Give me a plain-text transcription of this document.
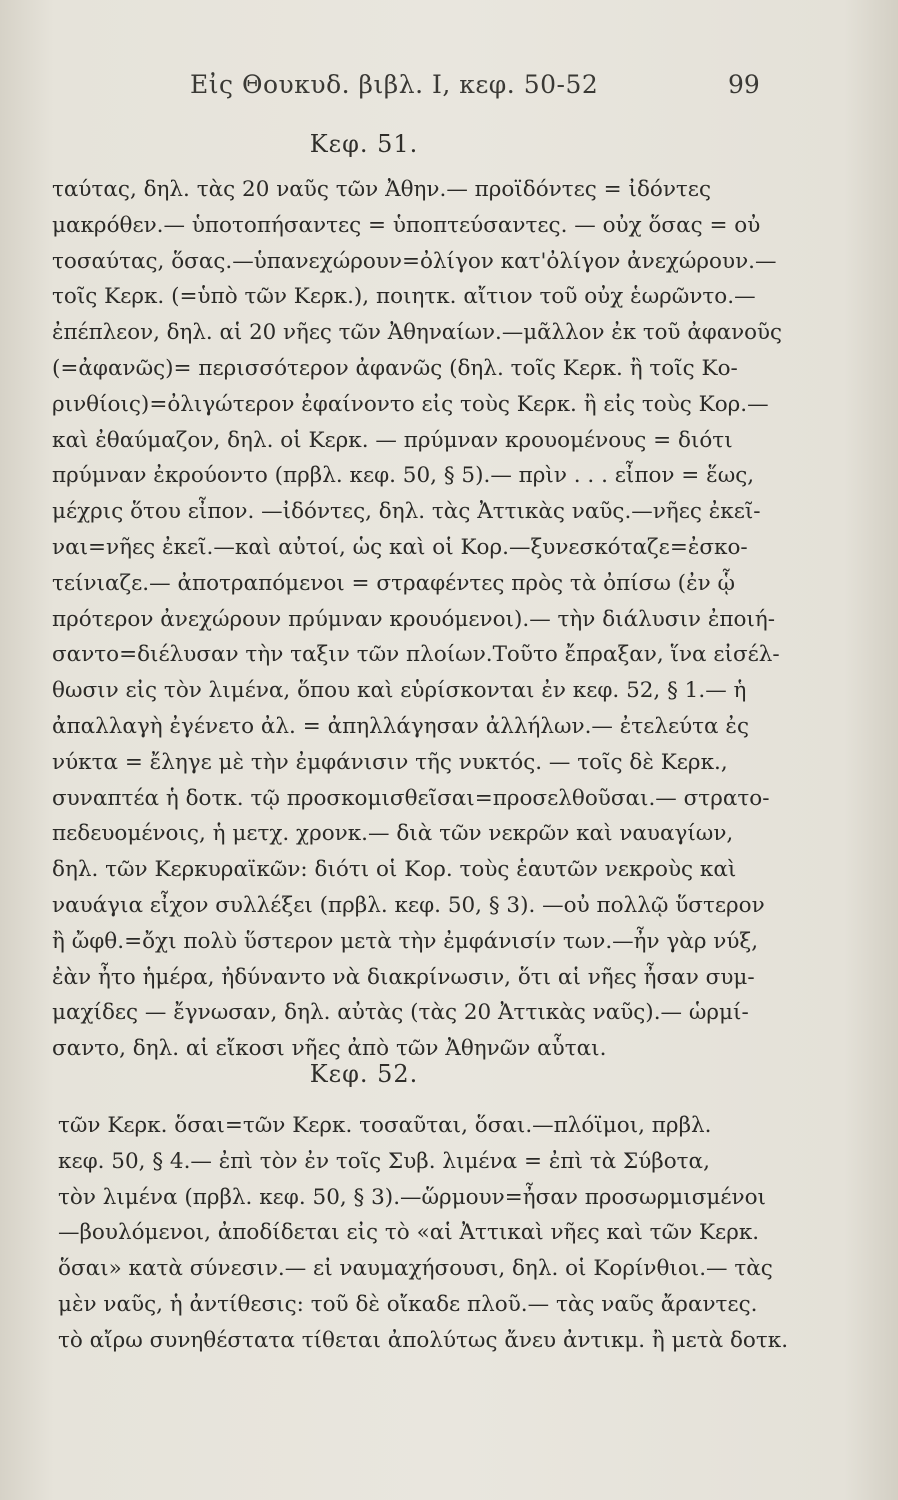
Εἰς Θουκυδ. βιβλ. I, κεφ. 50-52	99
Κεφ. 51.
ταύτας, δηλ. τὰς 20 ναῦς τῶν Ἀθην.— προϊδόντες = ἰδόντες
μακρόθεν.— ὑποτοπήσαντες = ὑποπτεύσαντες. — οὐχ ὅσας = οὐ
τοσαύτας, ὅσας.—ὑπανεχώρουν=ὀλίγον κατ'ὀλίγον ἀνεχώρουν.—
τοῖς Κερκ. (=ὑπὸ τῶν Κερκ.), ποιητκ. αἴτιον τοῦ οὐχ ἑωρῶντο.—
ἐπέπλεον, δηλ. αἱ 20 νῆες τῶν Ἀθηναίων.—μᾶλλον ἐκ τοῦ ἀφανοῦς
(=ἀφανῶς)= περισσότερον ἀφανῶς (δηλ. τοῖς Κερκ. ἢ τοῖς Κο-
ρινθίοις)=ὀλιγώτερον ἐφαίνοντο εἰς τοὺς Κερκ. ἢ εἰς τοὺς Κορ.—
καὶ ἐθαύμαζον, δηλ. οἱ Κερκ. — πρύμναν κρουομένους = διότι
πρύμναν ἐκρούοντο (πρβλ. κεφ. 50, § 5).— πρὶν . . . εἶπον = ἕως,
μέχρις ὅτου εἶπον. —ἰδόντες, δηλ. τὰς Ἀττικὰς ναῦς.—νῆες ἐκεῖ-
ναι=νῆες ἐκεῖ.—καὶ αὐτοί, ὡς καὶ οἱ Κορ.—ξυνεσκόταζε=ἐσκο-
τείνιαζε.— ἀποτραπόμενοι = στραφέντες πρὸς τὰ ὀπίσω (ἐν ᾧ
πρότερον ἀνεχώρουν πρύμναν κρουόμενοι).— τὴν διάλυσιν ἐποιή-
σαντο=διέλυσαν τὴν ταξιν τῶν πλοίων.Τοῦτο ἔπραξαν, ἵνα εἰσέλ-
θωσιν εἰς τὸν λιμένα, ὅπου καὶ εὑρίσκονται ἐν κεφ. 52, § 1.— ἡ
ἀπαλλαγὴ ἐγένετο ἀλ. = ἀπηλλάγησαν ἀλλήλων.— ἐτελεύτα ἐς
νύκτα = ἔληγε μὲ τὴν ἐμφάνισιν τῆς νυκτός. — τοῖς δὲ Κερκ.,
συναπτέα ἡ δοτκ. τῷ προσκομισθεῖσαι=προσελθοῦσαι.— στρατο-
πεδευομένοις, ἡ μετχ. χρονκ.— διὰ τῶν νεκρῶν καὶ ναυαγίων,
δηλ. τῶν Κερκυραϊκῶν: διότι οἱ Κορ. τοὺς ἑαυτῶν νεκροὺς καὶ
ναυάγια εἶχον συλλέξει (πρβλ. κεφ. 50, § 3). —οὐ πολλῷ ὕστερον
ἢ ὤφθ.=ὄχι πολὺ ὕστερον μετὰ τὴν ἐμφάνισίν των.—ἦν γὰρ νύξ,
ἐὰν ἦτο ἡμέρα, ἠδύναντο νὰ διακρίνωσιν, ὅτι αἱ νῆες ἦσαν συμ-
μαχίδες — ἔγνωσαν, δηλ. αὐτὰς (τὰς 20 Ἀττικὰς ναῦς).— ὡρμί-
σαντο, δηλ. αἱ εἴκοσι νῆες ἀπὸ τῶν Ἀθηνῶν αὗται.
Κεφ. 52.
τῶν Κερκ. ὅσαι=τῶν Κερκ. τοσαῦται, ὅσαι.—πλόϊμοι, πρβλ.
κεφ. 50, § 4.— ἐπὶ τὸν ἐν τοῖς Συβ. λιμένα = ἐπὶ τὰ Σύβοτα,
τὸν λιμένα (πρβλ. κεφ. 50, § 3).—ὥρμουν=ἦσαν προσωρμισμένοι
—βουλόμενοι, ἀποδίδεται εἰς τὸ «αἱ Ἀττικαὶ νῆες καὶ τῶν Κερκ.
ὅσαι» κατὰ σύνεσιν.— εἰ ναυμαχήσουσι, δηλ. οἱ Κορίνθιοι.— τὰς
μὲν ναῦς, ἡ ἀντίθεσις: τοῦ δὲ οἴκαδε πλοῦ.— τὰς ναῦς ἄραντες.
τὸ αἴρω συνηθέστατα τίθεται ἀπολύτως ἄνευ ἀντικμ. ἢ μετὰ δοτκ.
